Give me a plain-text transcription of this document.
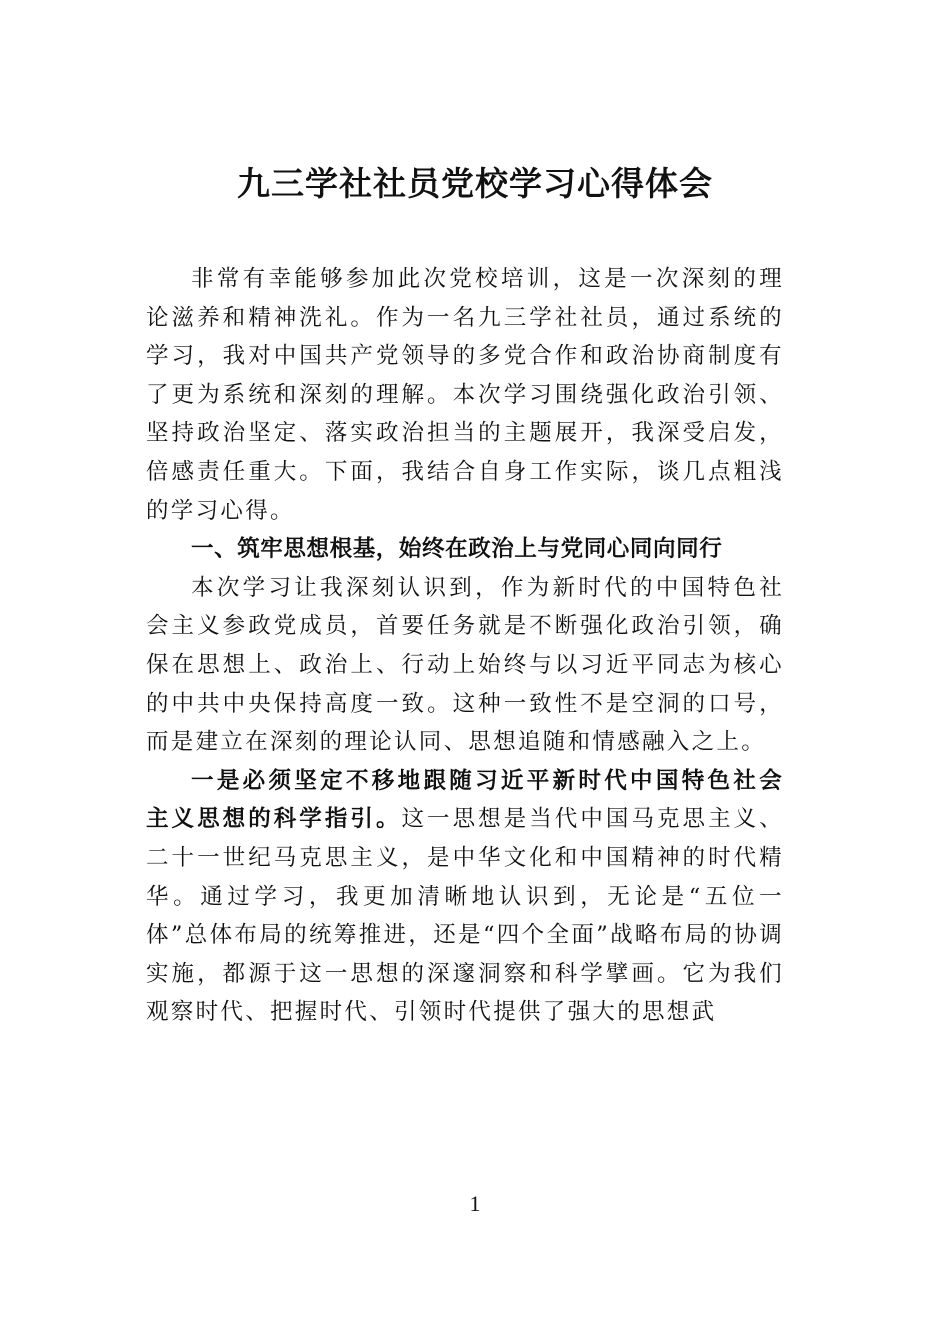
九三学社社员党校学习心得体会

非常有幸能够参加此次党校培训，这是一次深刻的理论滋养和精神洗礼。作为一名九三学社社员，通过系统的学习，我对中国共产党领导的多党合作和政治协商制度有了更为系统和深刻的理解。本次学习围绕强化政治引领、坚持政治坚定、落实政治担当的主题展开，我深受启发，倍感责任重大。下面，我结合自身工作实际，谈几点粗浅的学习心得。

一、筑牢思想根基，始终在政治上与党同心同向同行

本次学习让我深刻认识到，作为新时代的中国特色社会主义参政党成员，首要任务就是不断强化政治引领，确保在思想上、政治上、行动上始终与以习近平同志为核心的中共中央保持高度一致。这种一致性不是空洞的口号，而是建立在深刻的理论认同、思想追随和情感融入之上。

一是必须坚定不移地跟随习近平新时代中国特色社会主义思想的科学指引。这一思想是当代中国马克思主义、二十一世纪马克思主义，是中华文化和中国精神的时代精华。通过学习，我更加清晰地认识到，无论是“五位一体”总体布局的统筹推进，还是“四个全面”战略布局的协调实施，都源于这一思想的深邃洞察和科学擘画。它为我们观察时代、把握时代、引领时代提供了强大的思想武

1
